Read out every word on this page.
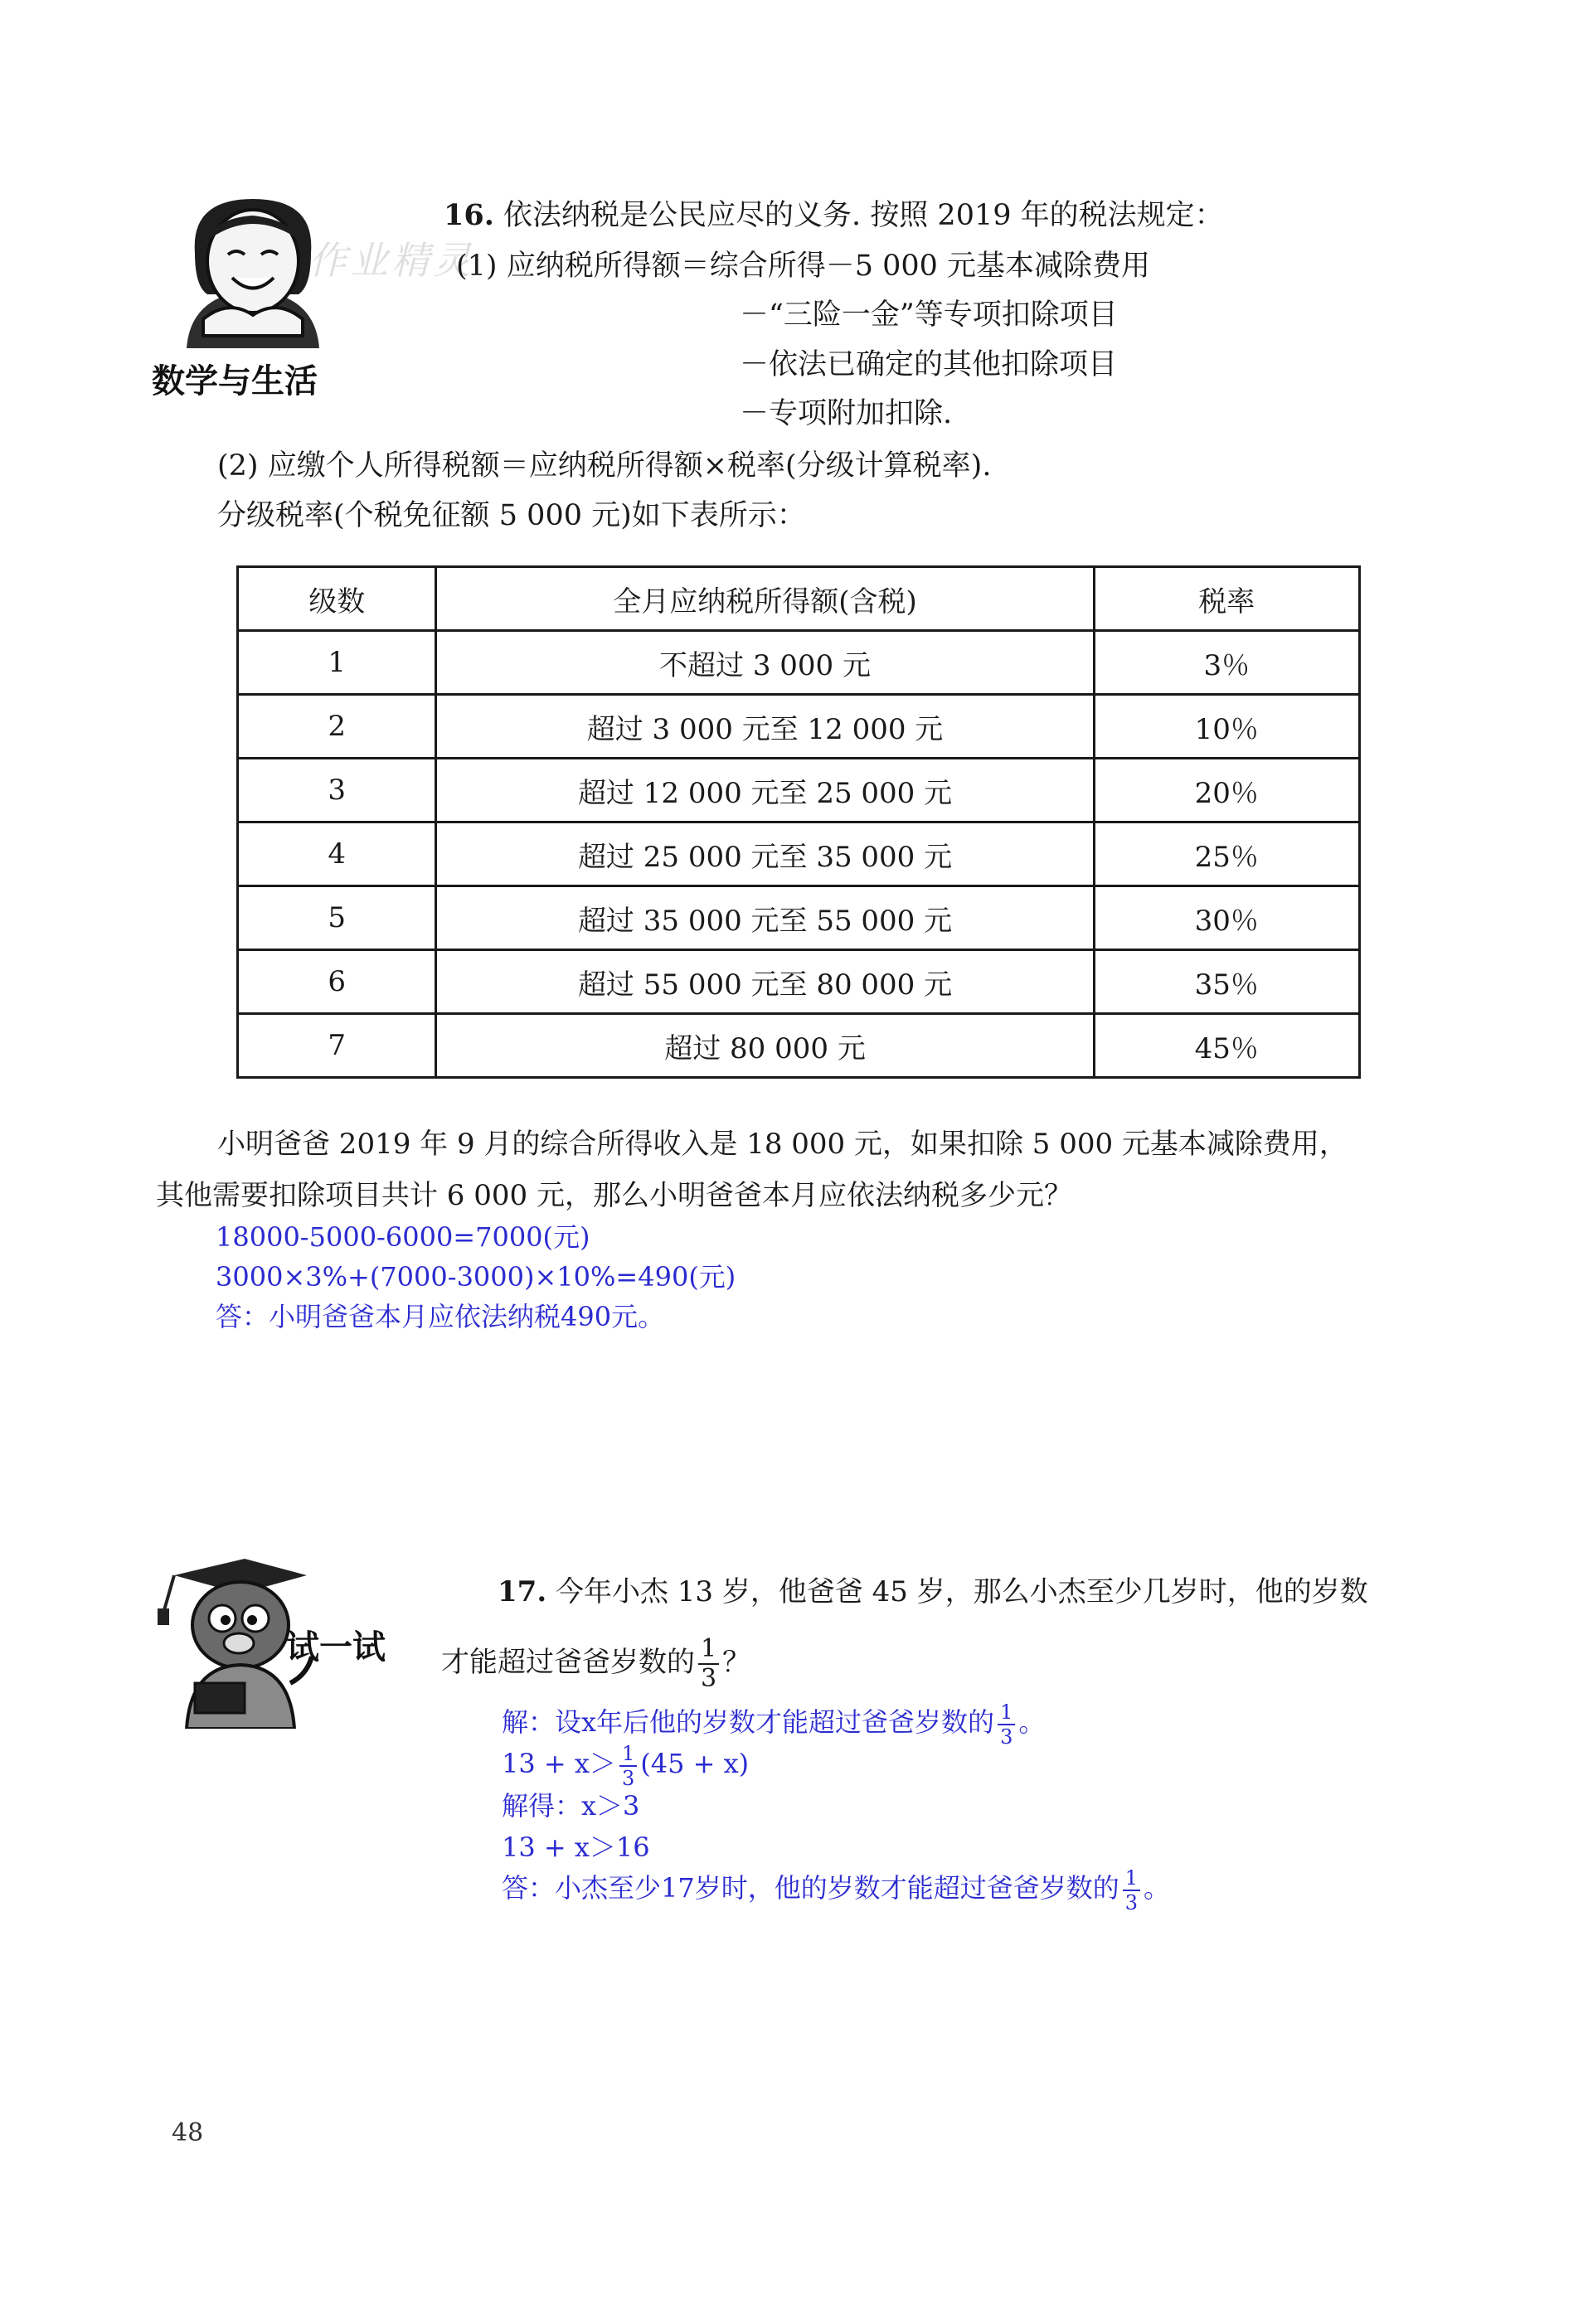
数学与生活
作业精灵
16. 依法纳税是公民应尽的义务. 按照 2019 年的税法规定：
(1) 应纳税所得额＝综合所得－5 000 元基本减除费用
－“三险一金”等专项扣除项目
－依法已确定的其他扣除项目
－专项附加扣除.
(2) 应缴个人所得税额＝应纳税所得额×税率(分级计算税率).
分级税率(个税免征额 5 000 元)如下表所示：
级数	全月应纳税所得额(含税)	税率
1	不超过 3 000 元	3％
2	超过 3 000 元至 12 000 元	10％
3	超过 12 000 元至 25 000 元	20％
4	超过 25 000 元至 35 000 元	25％
5	超过 35 000 元至 55 000 元	30％
6	超过 55 000 元至 80 000 元	35％
7	超过 80 000 元	45％
小明爸爸 2019 年 9 月的综合所得收入是 18 000 元，如果扣除 5 000 元基本减除费用，
其他需要扣除项目共计 6 000 元，那么小明爸爸本月应依法纳税多少元？
18000-5000-6000=7000(元)
3000×3%+(7000-3000)×10%=490(元)
答：小明爸爸本月应依法纳税490元。
试一试
17. 今年小杰 13 岁，他爸爸 45 岁，那么小杰至少几岁时，他的岁数
才能超过爸爸岁数的 $\frac{1}{3}$ ？
解：设x年后他的岁数才能超过爸爸岁数的 $\frac{1}{3}$ 。
$13 + x> \frac{1}{3} (45 + x)$
解得：x＞3
13 + x＞16
答：小杰至少17岁时，他的岁数才能超过爸爸岁数的 $\frac{1}{3}$ 。
48
